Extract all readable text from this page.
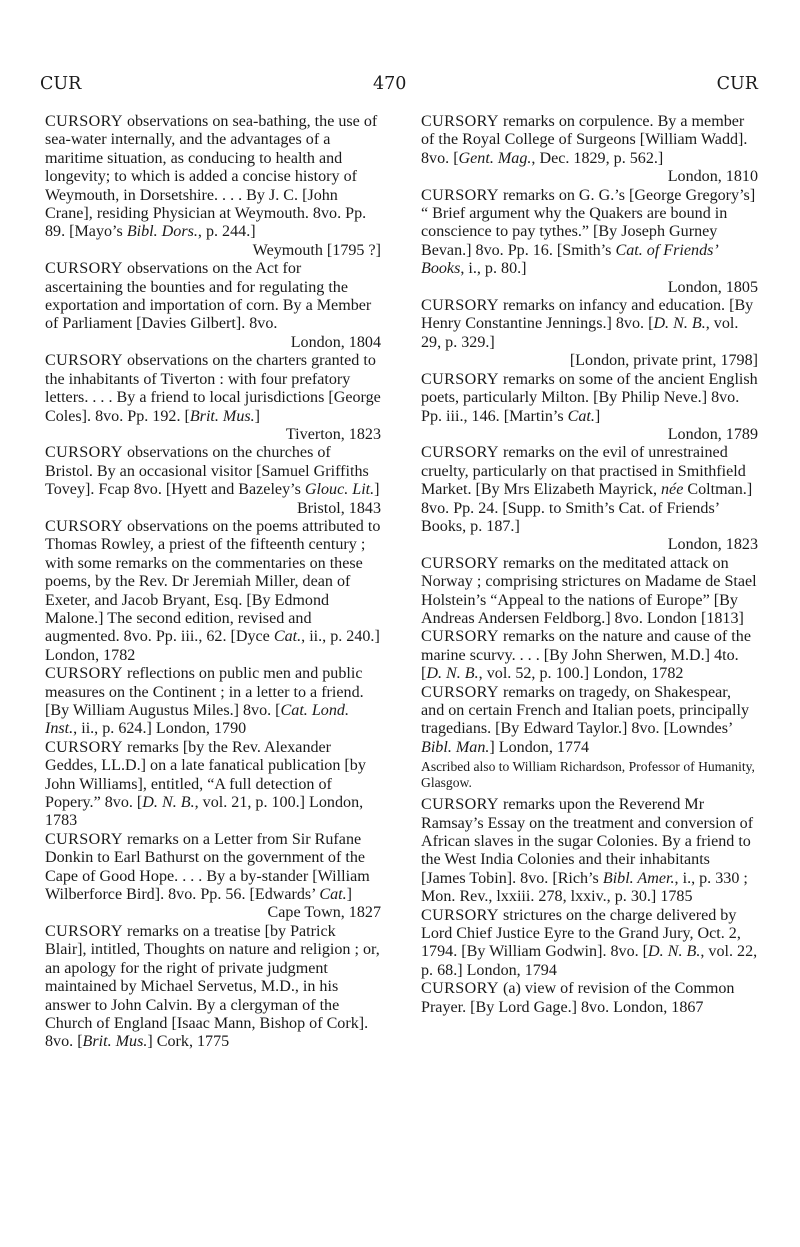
CUR	470	CUR

CURSORY observations on sea-bathing, the use of sea-water internally, and the advantages of a maritime situation, as conducing to health and longevity; to which is added a concise history of Weymouth, in Dorsetshire. . . . By J. C. [John Crane], residing Physician at Weymouth. 8vo. Pp. 89. [Mayo’s Bibl. Dors., p. 244.]
Weymouth [1795 ?]

CURSORY observations on the Act for ascertaining the bounties and for regulating the exportation and importation of corn. By a Member of Parliament [Davies Gilbert]. 8vo.
London, 1804

CURSORY observations on the charters granted to the inhabitants of Tiverton : with four prefatory letters. . . . By a friend to local jurisdictions [George Coles]. 8vo. Pp. 192. [Brit. Mus.]
Tiverton, 1823

CURSORY observations on the churches of Bristol. By an occasional visitor [Samuel Griffiths Tovey]. Fcap 8vo. [Hyett and Bazeley’s Glouc. Lit.]
Bristol, 1843

CURSORY observations on the poems attributed to Thomas Rowley, a priest of the fifteenth century ; with some remarks on the commentaries on these poems, by the Rev. Dr Jeremiah Miller, dean of Exeter, and Jacob Bryant, Esq. [By Edmond Malone.] The second edition, revised and augmented. 8vo. Pp. iii., 62. [Dyce Cat., ii., p. 240.] London, 1782

CURSORY reflections on public men and public measures on the Continent ; in a letter to a friend. [By William Augustus Miles.] 8vo. [Cat. Lond. Inst., ii., p. 624.] London, 1790

CURSORY remarks [by the Rev. Alexander Geddes, LL.D.] on a late fanatical publication [by John Williams], entitled, “A full detection of Popery.” 8vo. [D. N. B., vol. 21, p. 100.] London, 1783

CURSORY remarks on a Letter from Sir Rufane Donkin to Earl Bathurst on the government of the Cape of Good Hope. . . . By a by-stander [William Wilberforce Bird]. 8vo. Pp. 56. [Edwards’ Cat.]
Cape Town, 1827

CURSORY remarks on a treatise [by Patrick Blair], intitled, Thoughts on nature and religion ; or, an apology for the right of private judgment maintained by Michael Servetus, M.D., in his answer to John Calvin. By a clergyman of the Church of England [Isaac Mann, Bishop of Cork]. 8vo. [Brit. Mus.] Cork, 1775

CURSORY remarks on corpulence. By a member of the Royal College of Surgeons [William Wadd]. 8vo. [Gent. Mag., Dec. 1829, p. 562.]
London, 1810

CURSORY remarks on G. G.’s [George Gregory’s] “ Brief argument why the Quakers are bound in conscience to pay tythes.” [By Joseph Gurney Bevan.] 8vo. Pp. 16. [Smith’s Cat. of Friends’ Books, i., p. 80.]
London, 1805

CURSORY remarks on infancy and education. [By Henry Constantine Jennings.] 8vo. [D. N. B., vol. 29, p. 329.]
[London, private print, 1798]

CURSORY remarks on some of the ancient English poets, particularly Milton. [By Philip Neve.] 8vo. Pp. iii., 146. [Martin’s Cat.]
London, 1789

CURSORY remarks on the evil of unrestrained cruelty, particularly on that practised in Smithfield Market. [By Mrs Elizabeth Mayrick, née Coltman.] 8vo. Pp. 24. [Supp. to Smith’s Cat. of Friends’ Books, p. 187.]
London, 1823

CURSORY remarks on the meditated attack on Norway ; comprising strictures on Madame de Stael Holstein’s “Appeal to the nations of Europe” [By Andreas Andersen Feldborg.] 8vo. London [1813]

CURSORY remarks on the nature and cause of the marine scurvy. . . . [By John Sherwen, M.D.] 4to. [D. N. B., vol. 52, p. 100.] London, 1782

CURSORY remarks on tragedy, on Shakespear, and on certain French and Italian poets, principally tragedians. [By Edward Taylor.] 8vo. [Lowndes’ Bibl. Man.] London, 1774

Ascribed also to William Richardson, Professor of Humanity, Glasgow.

CURSORY remarks upon the Reverend Mr Ramsay’s Essay on the treatment and conversion of African slaves in the sugar Colonies. By a friend to the West India Colonies and their inhabitants [James Tobin]. 8vo. [Rich’s Bibl. Amer., i., p. 330 ; Mon. Rev., lxxiii. 278, lxxiv., p. 30.] 1785

CURSORY strictures on the charge delivered by Lord Chief Justice Eyre to the Grand Jury, Oct. 2, 1794. [By William Godwin]. 8vo. [D. N. B., vol. 22, p. 68.] London, 1794

CURSORY (a) view of revision of the Common Prayer. [By Lord Gage.] 8vo. London, 1867
